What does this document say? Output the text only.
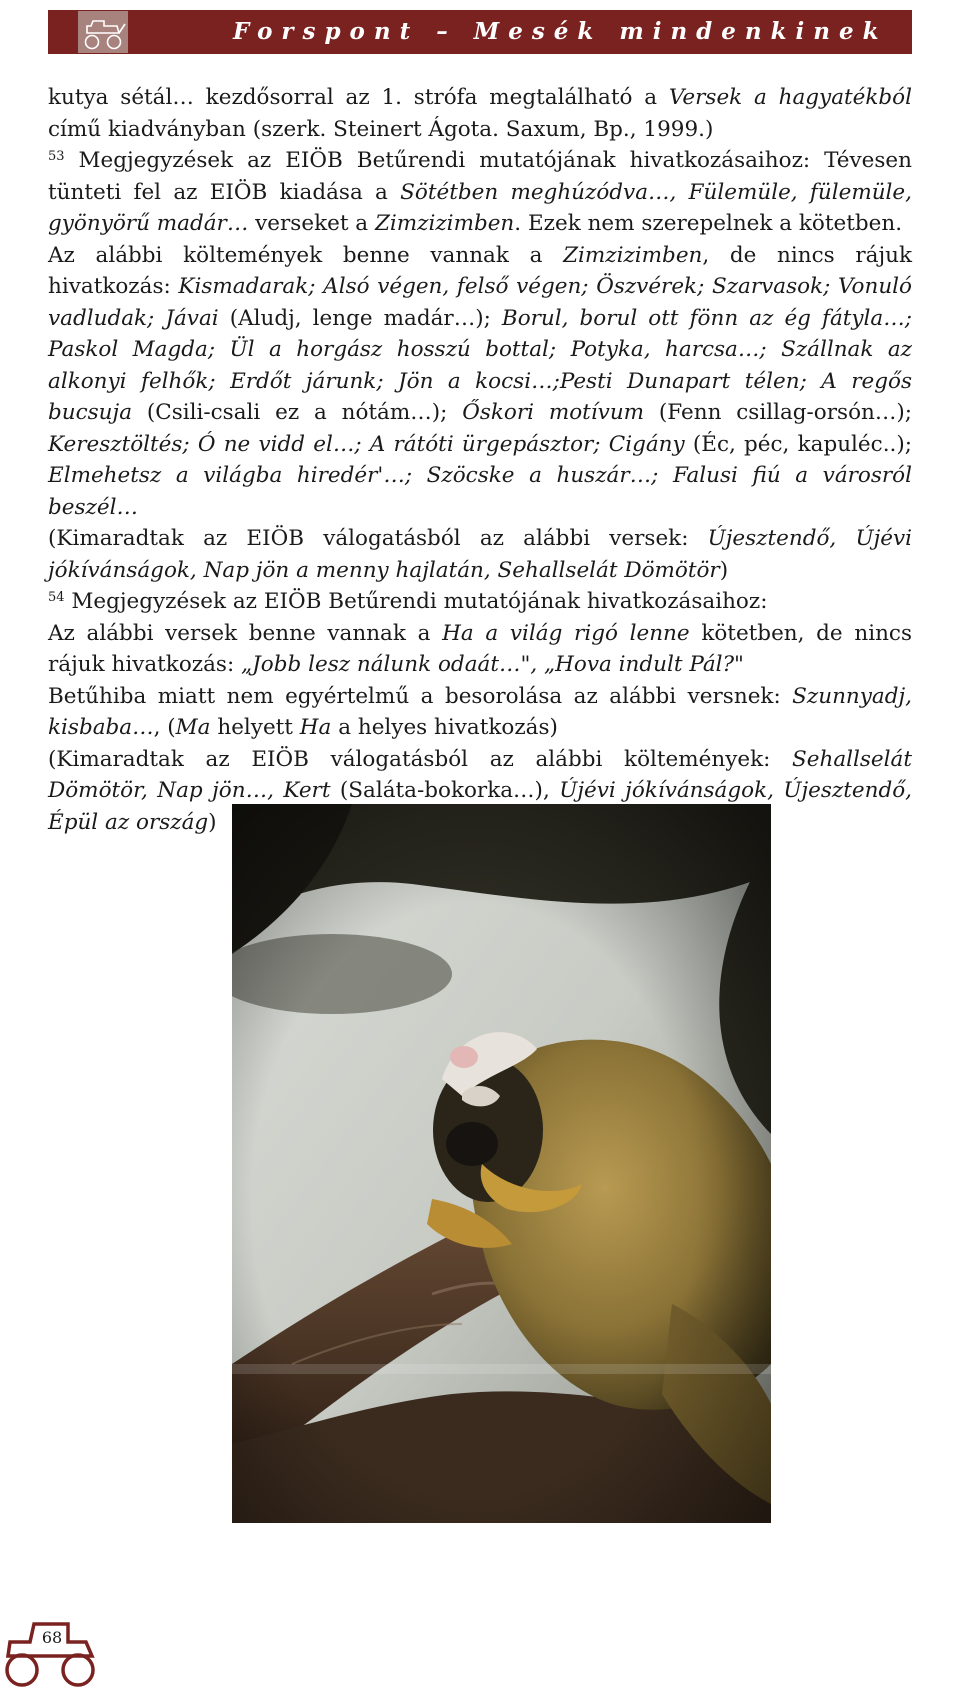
Forspont – Mesék mindenkinek

kutya sétál… kezdősorral az 1. strófa megtalálható a Versek a hagyatékból című kiadványban (szerk. Steinert Ágota. Saxum, Bp., 1999.)

$^{53}$ Megjegyzések az EIÖB Betűrendi mutatójának hivatkozásaihoz: Tévesen tünteti fel az EIÖB kiadása a Sötétben meghúzódva…, Fülemüle, fülemüle, gyönyörű madár… verseket a Zimzizimben. Ezek nem szerepelnek a kötetben.

Az alábbi költemények benne vannak a Zimzizimben, de nincs rájuk hivatkozás: Kismadarak; Alsó végen, felső végen; Öszvérek; Szarvasok; Vonuló vadludak; Jávai (Aludj, lenge madár…); Borul, borul ott fönn az ég fátyla…; Paskol Magda; Ül a horgász hosszú bottal; Potyka, harcsa…; Szállnak az alkonyi felhők; Erdőt járunk; Jön a kocsi…;Pesti Dunapart télen; A regős bucsuja (Csili-csali ez a nótám…); Őskori motívum (Fenn csillag-orsón…); Keresztöltés; Ó ne vidd el…; A rátóti ürgepásztor; Cigány (Éc, péc, kapuléc..); Elmehetsz a világba hiredér'…; Szöcske a huszár…; Falusi fiú a városról beszél…

(Kimaradtak az EIÖB válogatásból az alábbi versek: Újesztendő, Újévi jókívánságok, Nap jön a menny hajlatán, Sehallselát Dömötör)

$^{54}$ Megjegyzések az EIÖB Betűrendi mutatójának hivatkozásaihoz:

Az alábbi versek benne vannak a Ha a világ rigó lenne kötetben, de nincs rájuk hivatkozás: „Jobb lesz nálunk odaát…", „Hova indult Pál?"

Betűhiba miatt nem egyértelmű a besorolása az alábbi versnek: Szunnyadj, kisbaba…, (Ma helyett Ha a helyes hivatkozás)

(Kimaradtak az EIÖB válogatásból az alábbi költemények: Sehallselát Dömötör, Nap jön…, Kert (Saláta-bokorka…), Újévi jókívánságok, Újesztendő, Épül az ország)

68
